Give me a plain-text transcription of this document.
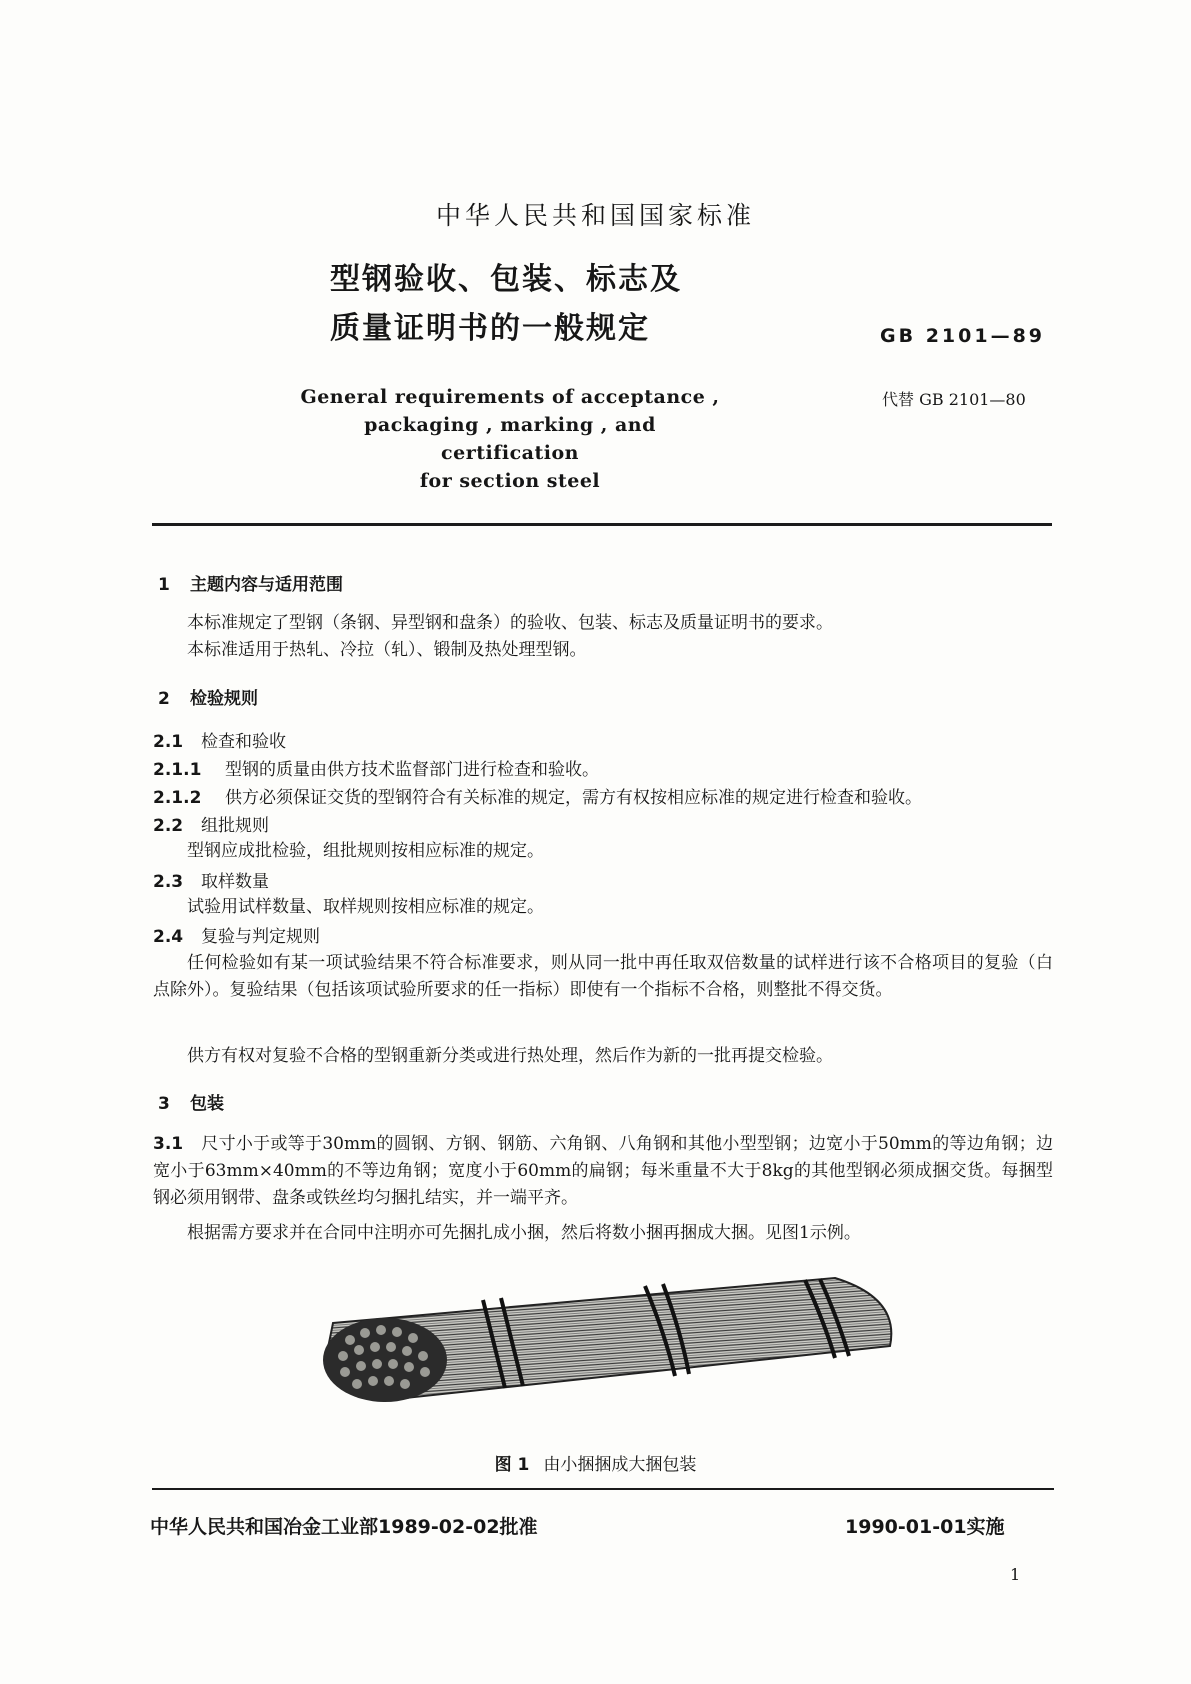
中华人民共和国国家标准
型钢验收、包装、标志及
质量证明书的一般规定	GB 2101—89
代替 GB 2101—80
General requirements of acceptance ,
packaging , marking , and certification
for section steel
1 主题内容与适用范围
本标准规定了型钢（条钢、异型钢和盘条）的验收、包装、标志及质量证明书的要求。
本标准适用于热轧、冷拉（轧）、锻制及热处理型钢。
2 检验规则
2.1 检查和验收
2.1.1 型钢的质量由供方技术监督部门进行检查和验收。
2.1.2 供方必须保证交货的型钢符合有关标准的规定，需方有权按相应标准的规定进行检查和验收。
2.2 组批规则
型钢应成批检验，组批规则按相应标准的规定。
2.3 取样数量
试验用试样数量、取样规则按相应标准的规定。
2.4 复验与判定规则
任何检验如有某一项试验结果不符合标准要求，则从同一批中再任取双倍数量的试样进行该不合格项目的复验（白点除外）。复验结果（包括该项试验所要求的任一指标）即使有一个指标不合格，则整批不得交货。
供方有权对复验不合格的型钢重新分类或进行热处理，然后作为新的一批再提交检验。
3 包装
3.1 尺寸小于或等于30mm的圆钢、方钢、钢筋、六角钢、八角钢和其他小型型钢；边宽小于50mm的等边角钢；边宽小于63mm×40mm的不等边角钢；宽度小于60mm的扁钢；每米重量不大于8kg的其他型钢必须成捆交货。每捆型钢必须用钢带、盘条或铁丝均匀捆扎结实，并一端平齐。
根据需方要求并在合同中注明亦可先捆扎成小捆，然后将数小捆再捆成大捆。见图1示例。
图 1 由小捆捆成大捆包装
中华人民共和国冶金工业部1989-02-02批准	1990-01-01实施
1
